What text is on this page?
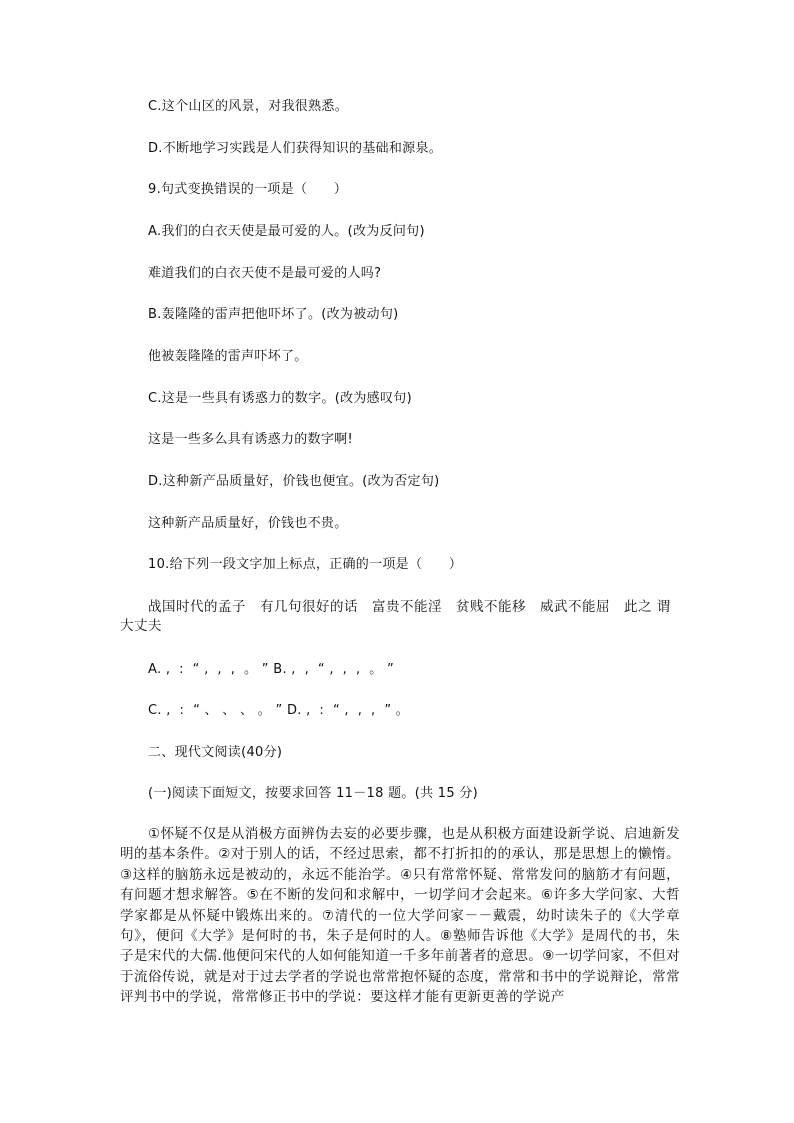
C.这个山区的风景，对我很熟悉。
D.不断地学习实践是人们获得知识的基础和源泉。
9.句式变换错误的一项是（　　）
A.我们的白衣天使是最可爱的人。(改为反问句)
难道我们的白衣天使不是最可爱的人吗?
B.轰隆隆的雷声把他吓坏了。(改为被动句)
他被轰隆隆的雷声吓坏了。
C.这是一些具有诱惑力的数字。(改为感叹句)
这是一些多么具有诱惑力的数字啊!
D.这种新产品质量好，价钱也便宜。(改为否定句)
这种新产品质量好，价钱也不贵。
10.给下列一段文字加上标点，正确的一项是（　　）
战国时代的孟子　有几句很好的话　富贵不能淫　贫贱不能移　威武不能屈　此之 谓大丈夫
A. ,  :  “ ,  ,  ,  。 ” B. ,  ,  “ ,  ,  ,  。 ”
C. ,  :  “ 、 、 、 。 ” D. ,  :  “ ,  ,  ,  ” 。
二、现代文阅读(40分)
(一)阅读下面短文，按要求回答 11－18 题。(共 15 分)
①怀疑不仅是从消极方面辨伪去妄的必要步骤，也是从积极方面建设新学说、启迪新发明的基本条件。②对于别人的话，不经过思索，都不打折扣的的承认，那是思想上的懒惰。③这样的脑筋永远是被动的，永远不能治学。④只有常常怀疑、常常发问的脑筋才有问题，有问题才想求解答。⑤在不断的发问和求解中，一切学问才会起来。⑥许多大学问家、大哲学家都是从怀疑中锻炼出来的。⑦清代的一位大学问家－－戴震，幼时读朱子的《大学章句》，便问《大学》是何时的书，朱子是何时的人。⑧塾师告诉他《大学》是周代的书，朱子是宋代的大儒.他便问宋代的人如何能知道一千多年前著者的意思。⑨一切学问家，不但对于流俗传说，就是对于过去学者的学说也常常抱怀疑的态度，常常和书中的学说辩论，常常评判书中的学说，常常修正书中的学说：要这样才能有更新更善的学说产
